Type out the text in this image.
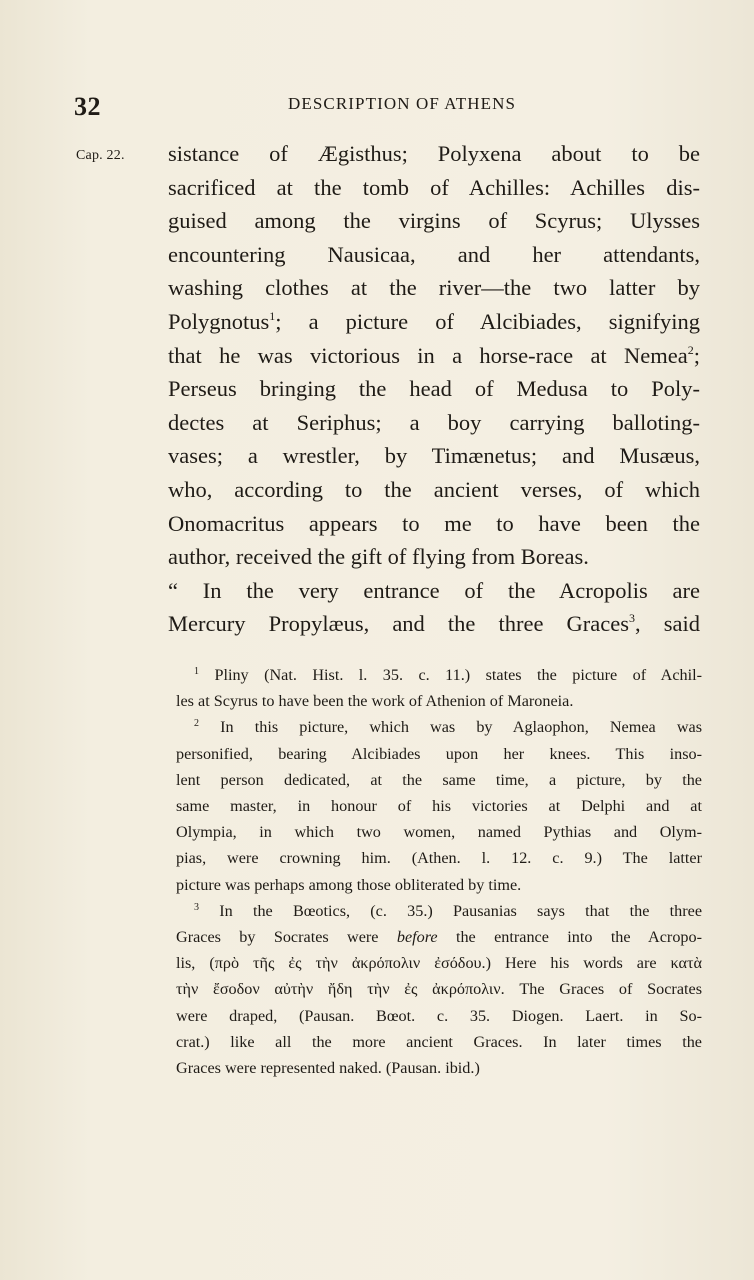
32	DESCRIPTION OF ATHENS
Cap. 22. sistance of Ægisthus; Polyxena about to be
sacrificed at the tomb of Achilles: Achilles dis-
guised among the virgins of Scyrus; Ulysses
encountering Nausicaa, and her attendants,
washing clothes at the river—the two latter by
Polygnotus$^1$; a picture of Alcibiades, signifying
that he was victorious in a horse-race at Nemea$^2$;
Perseus bringing the head of Medusa to Poly-
dectes at Seriphus; a boy carrying balloting-
vases; a wrestler, by Timænetus; and Musæus,
who, according to the ancient verses, of which
Onomacritus appears to me to have been the
author, received the gift of flying from Boreas.
“ In the very entrance of the Acropolis are
Mercury Propylæus, and the three Graces$^3$, said
$^1$ Pliny (Nat. Hist. l. 35. c. 11.) states the picture of Achil-
les at Scyrus to have been the work of Athenion of Maroneia.
$^2$ In this picture, which was by Aglaophon, Nemea was
personified, bearing Alcibiades upon her knees. This inso-
lent person dedicated, at the same time, a picture, by the
same master, in honour of his victories at Delphi and at
Olympia, in which two women, named Pythias and Olym-
pias, were crowning him. (Athen. l. 12. c. 9.) The latter
picture was perhaps among those obliterated by time.
$^3$ In the Bœotics, (c. 35.) Pausanias says that the three
Graces by Socrates were before the entrance into the Acropo-
lis, (πρὸ τῆς ἐς τὴν ἀκρόπολιν ἐσόδου.) Here his words are κατὰ
τὴν ἔσοδον αὐτὴν ἤδη τὴν ἐς ἀκρόπολιν. The Graces of Socrates
were draped, (Pausan. Bœot. c. 35. Diogen. Laert. in So-
crat.) like all the more ancient Graces. In later times the
Graces were represented naked. (Pausan. ibid.)
